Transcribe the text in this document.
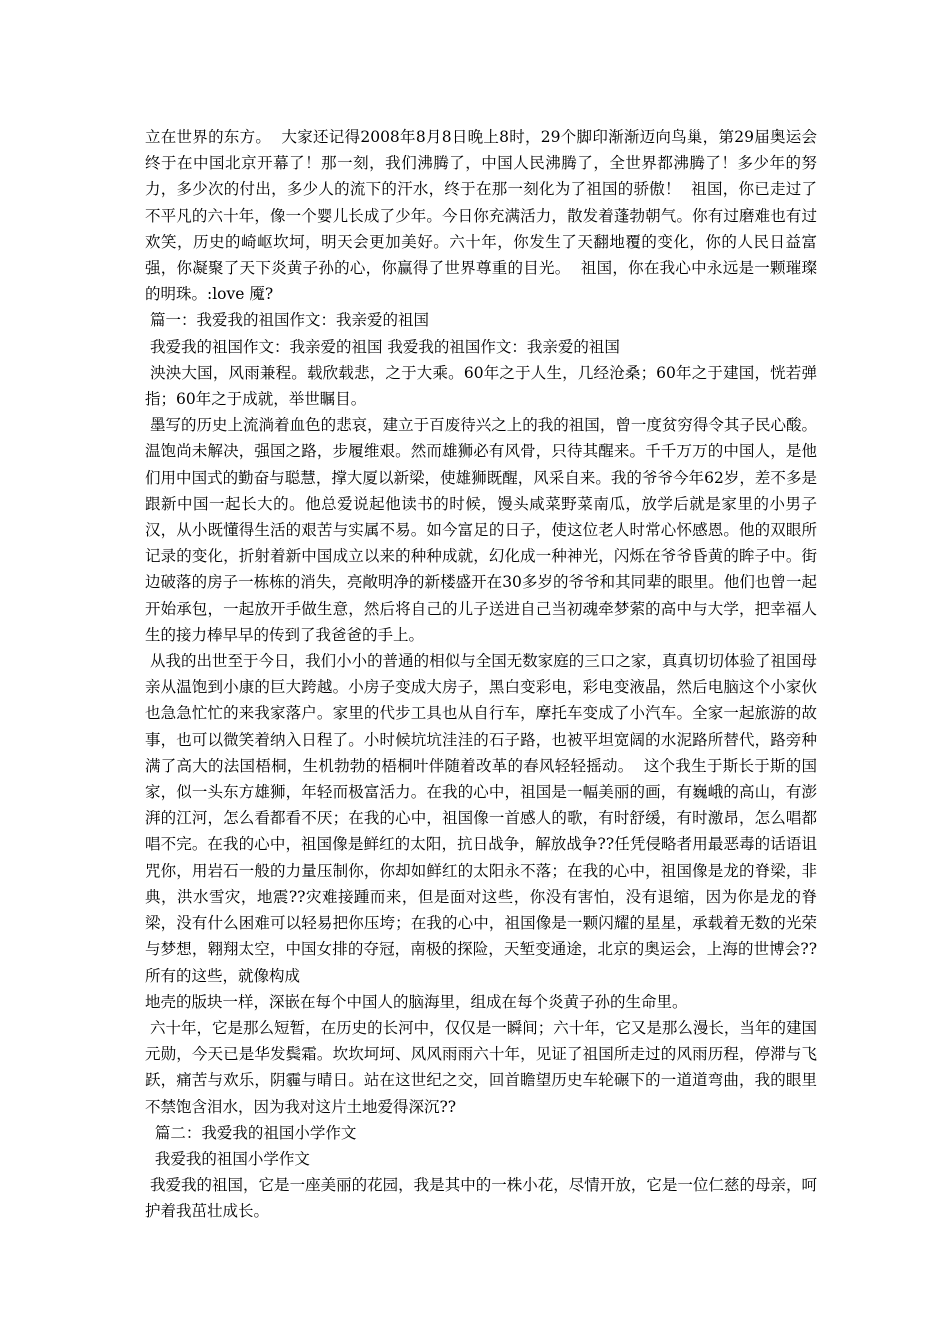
立在世界的东方。  大家还记得2008年8月8日晚上8时，29个脚印渐渐迈向鸟巢，第29届奥运会终于在中国北京开幕了！那一刻，我们沸腾了，中国人民沸腾了，全世界都沸腾了！多少年的努力，多少次的付出，多少人的流下的汗水，终于在那一刻化为了祖国的骄傲！  祖国，你已走过了不平凡的六十年，像一个婴儿长成了少年。今日你充满活力，散发着蓬勃朝气。你有过磨难也有过欢笑，历史的崎岖坎坷，明天会更加美好。六十年，你发生了天翻地覆的变化，你的人民日益富强，你凝聚了天下炎黄子孙的心，你赢得了世界尊重的目光。  祖国，你在我心中永远是一颗璀璨的明珠。:love 魇?

篇一：我爱我的祖国作文：我亲爱的祖国

我爱我的祖国作文：我亲爱的祖国 我爱我的祖国作文：我亲爱的祖国

泱泱大国，风雨兼程。载欣载悲，之于大乘。60年之于人生，几经沧桑；60年之于建国，恍若弹指；60年之于成就，举世瞩目。

墨写的历史上流淌着血色的悲哀，建立于百废待兴之上的我的祖国，曾一度贫穷得令其子民心酸。温饱尚未解决，强国之路，步履维艰。然而雄狮必有风骨，只待其醒来。千千万万的中国人，是他们用中国式的勤奋与聪慧，撑大厦以新梁，使雄狮既醒，风采自来。我的爷爷今年62岁，差不多是跟新中国一起长大的。他总爱说起他读书的时候，馒头咸菜野菜南瓜，放学后就是家里的小男子汉，从小既懂得生活的艰苦与实属不易。如今富足的日子，使这位老人时常心怀感恩。他的双眼所记录的变化，折射着新中国成立以来的种种成就，幻化成一种神光，闪烁在爷爷昏黄的眸子中。街边破落的房子一栋栋的消失，亮敞明净的新楼盛开在30多岁的爷爷和其同辈的眼里。他们也曾一起开始承包，一起放开手做生意，然后将自己的儿子送进自己当初魂牵梦萦的高中与大学，把幸福人生的接力棒早早的传到了我爸爸的手上。

从我的出世至于今日，我们小小的普通的相似与全国无数家庭的三口之家，真真切切体验了祖国母亲从温饱到小康的巨大跨越。小房子变成大房子，黑白变彩电，彩电变液晶，然后电脑这个小家伙也急急忙忙的来我家落户。家里的代步工具也从自行车，摩托车变成了小汽车。全家一起旅游的故事，也可以微笑着纳入日程了。小时候坑坑洼洼的石子路，也被平坦宽阔的水泥路所替代，路旁种满了高大的法国梧桐，生机勃勃的梧桐叶伴随着改革的春风轻轻摇动。  这个我生于斯长于斯的国家，似一头东方雄狮，年轻而极富活力。在我的心中，祖国是一幅美丽的画，有巍峨的高山，有澎湃的江河，怎么看都看不厌；在我的心中，祖国像一首感人的歌，有时舒缓，有时激昂，怎么唱都唱不完。在我的心中，祖国像是鲜红的太阳，抗日战争，解放战争??任凭侵略者用最恶毒的话语诅咒你，用岩石一般的力量压制你，你却如鲜红的太阳永不落；在我的心中，祖国像是龙的脊梁，非典，洪水雪灾，地震??灾难接踵而来，但是面对这些，你没有害怕，没有退缩，因为你是龙的脊梁，没有什么困难可以轻易把你压垮；在我的心中，祖国像是一颗闪耀的星星，承载着无数的光荣与梦想，翱翔太空，中国女排的夺冠，南极的探险，天堑变通途，北京的奥运会，上海的世博会??所有的这些，就像构成

地壳的版块一样，深嵌在每个中国人的脑海里，组成在每个炎黄子孙的生命里。

六十年，它是那么短暂，在历史的长河中，仅仅是一瞬间；六十年，它又是那么漫长，当年的建国元勋，今天已是华发鬓霜。坎坎坷坷、风风雨雨六十年，见证了祖国所走过的风雨历程，停滞与飞跃，痛苦与欢乐，阴霾与晴日。站在这世纪之交，回首瞻望历史车轮碾下的一道道弯曲，我的眼里不禁饱含泪水，因为我对这片土地爱得深沉??

篇二：我爱我的祖国小学作文

我爱我的祖国小学作文

我爱我的祖国，它是一座美丽的花园，我是其中的一株小花，尽情开放，它是一位仁慈的母亲，呵护着我茁壮成长。
